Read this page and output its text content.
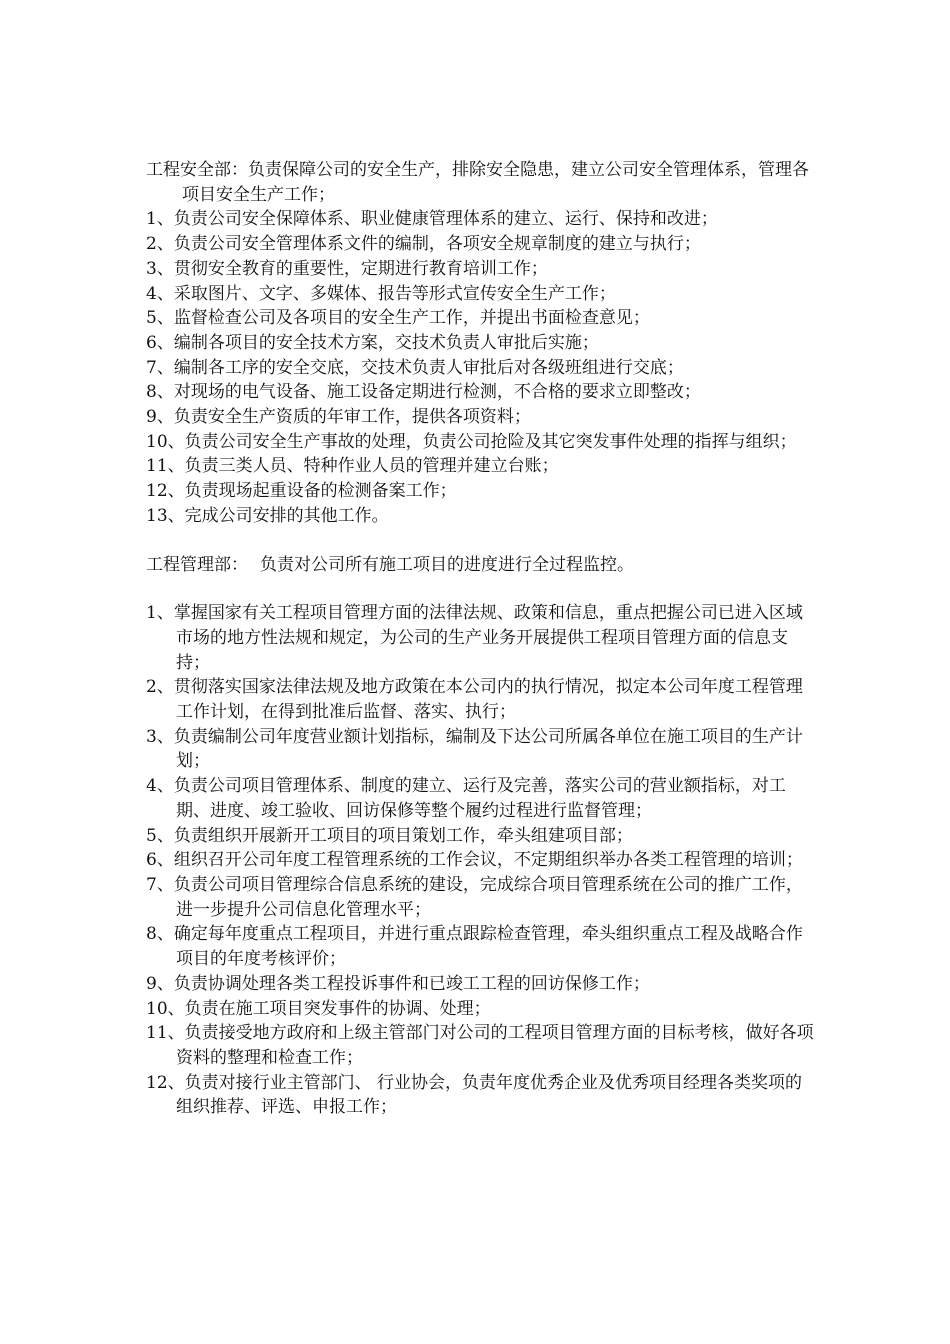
工程安全部：负责保障公司的安全生产，排除安全隐患，建立公司安全管理体系，管理各项目安全生产工作；

1、负责公司安全保障体系、职业健康管理体系的建立、运行、保持和改进；
2、负责公司安全管理体系文件的编制，各项安全规章制度的建立与执行；
3、贯彻安全教育的重要性，定期进行教育培训工作；
4、采取图片、文字、多媒体、报告等形式宣传安全生产工作；
5、监督检查公司及各项目的安全生产工作，并提出书面检查意见；
6、编制各项目的安全技术方案，交技术负责人审批后实施；
7、编制各工序的安全交底，交技术负责人审批后对各级班组进行交底；
8、对现场的电气设备、施工设备定期进行检测，不合格的要求立即整改；
9、负责安全生产资质的年审工作，提供各项资料；
10、负责公司安全生产事故的处理，负责公司抢险及其它突发事件处理的指挥与组织；
11、负责三类人员、特种作业人员的管理并建立台账；
12、负责现场起重设备的检测备案工作；
13、完成公司安排的其他工作。

工程管理部： 负责对公司所有施工项目的进度进行全过程监控。

1、掌握国家有关工程项目管理方面的法律法规、政策和信息，重点把握公司已进入区域市场的地方性法规和规定，为公司的生产业务开展提供工程项目管理方面的信息支持；
2、贯彻落实国家法律法规及地方政策在本公司内的执行情况，拟定本公司年度工程管理工作计划，在得到批准后监督、落实、执行；
3、负责编制公司年度营业额计划指标，编制及下达公司所属各单位在施工项目的生产计划；
4、负责公司项目管理体系、制度的建立、运行及完善，落实公司的营业额指标，对工期、进度、竣工验收、回访保修等整个履约过程进行监督管理；
5、负责组织开展新开工项目的项目策划工作，牵头组建项目部；
6、组织召开公司年度工程管理系统的工作会议，不定期组织举办各类工程管理的培训；
7、负责公司项目管理综合信息系统的建设，完成综合项目管理系统在公司的推广工作，进一步提升公司信息化管理水平；
8、确定每年度重点工程项目，并进行重点跟踪检查管理，牵头组织重点工程及战略合作项目的年度考核评价；
9、负责协调处理各类工程投诉事件和已竣工工程的回访保修工作；
10、负责在施工项目突发事件的协调、处理；
11、负责接受地方政府和上级主管部门对公司的工程项目管理方面的目标考核，做好各项资料的整理和检查工作；
12、负责对接行业主管部门、 行业协会，负责年度优秀企业及优秀项目经理各类奖项的组织推荐、评选、申报工作；
